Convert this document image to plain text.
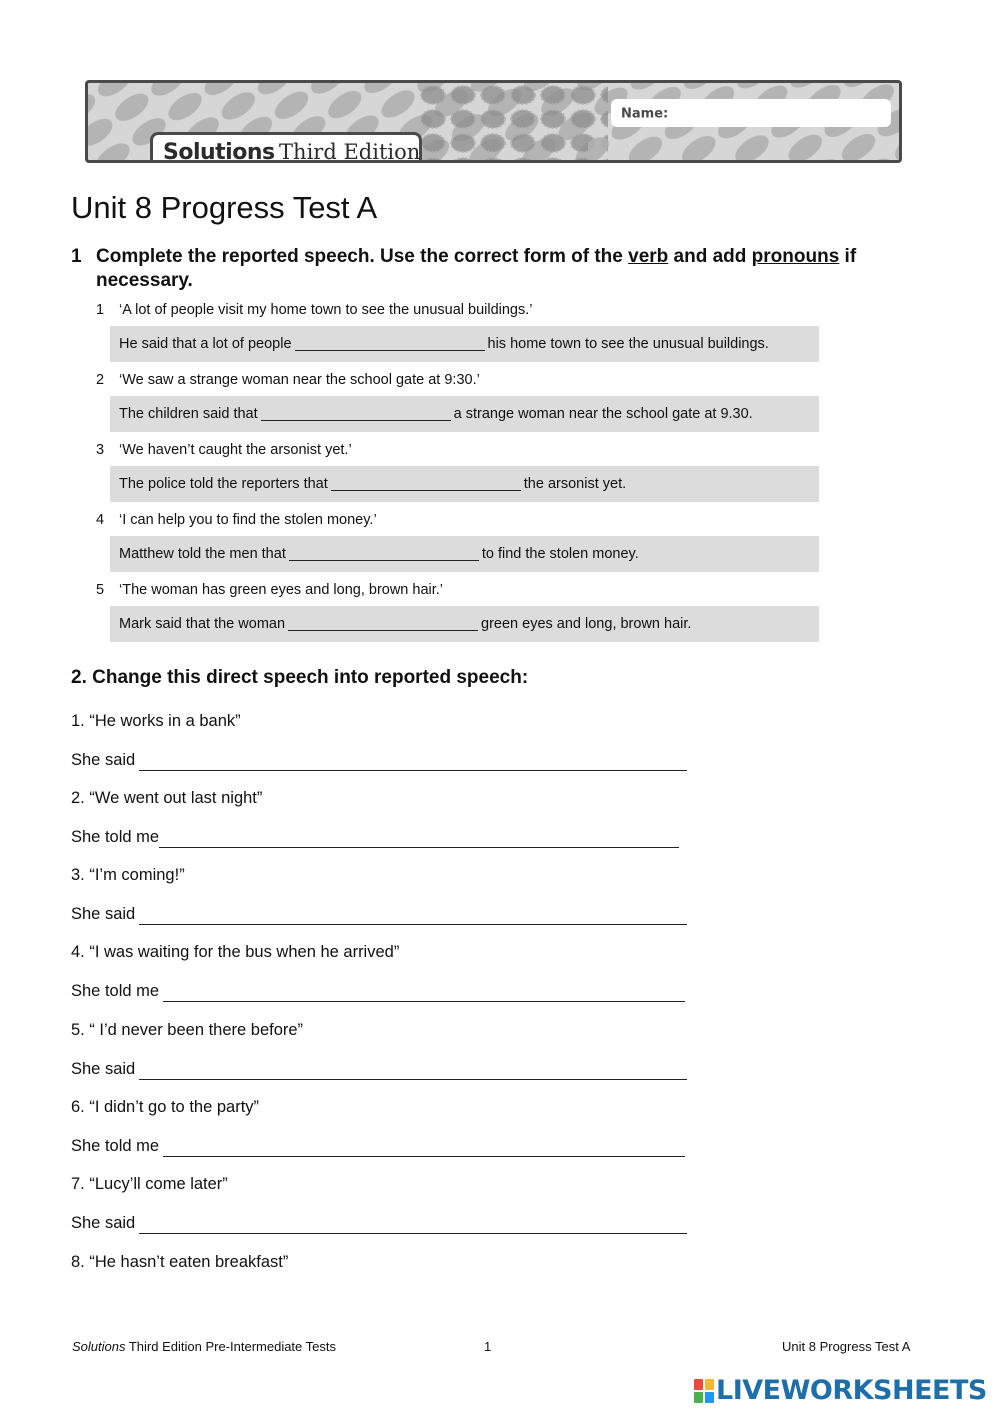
Name:
Solutions Third Edition
Unit 8 Progress Test A
1 Complete the reported speech. Use the correct form of the verb and add pronouns if necessary.
1 ‘A lot of people visit my home town to see the unusual buildings.’
He said that a lot of people	his home town to see the unusual buildings.
2 ‘We saw a strange woman near the school gate at 9:30.’
The children said that	a strange woman near the school gate at 9.30.
3 ‘We haven’t caught the arsonist yet.’
The police told the reporters that	the arsonist yet.
4 ‘I can help you to find the stolen money.’
Matthew told the men that	to find the stolen money.
5 ‘The woman has green eyes and long, brown hair.’
Mark said that the woman	green eyes and long, brown hair.
2. Change this direct speech into reported speech:
1. “He works in a bank”
She said
2. “We went out last night”
She told me
3. “I’m coming!”
She said
4. “I was waiting for the bus when he arrived”
She told me
5. “ I’d never been there before”
She said
6. “I didn’t go to the party”
She told me
7. “Lucy’ll come later”
She said
8. “He hasn’t eaten breakfast”
Solutions Third Edition Pre-Intermediate Tests	1	Unit 8 Progress Test A
LIVEWORKSHEETS
